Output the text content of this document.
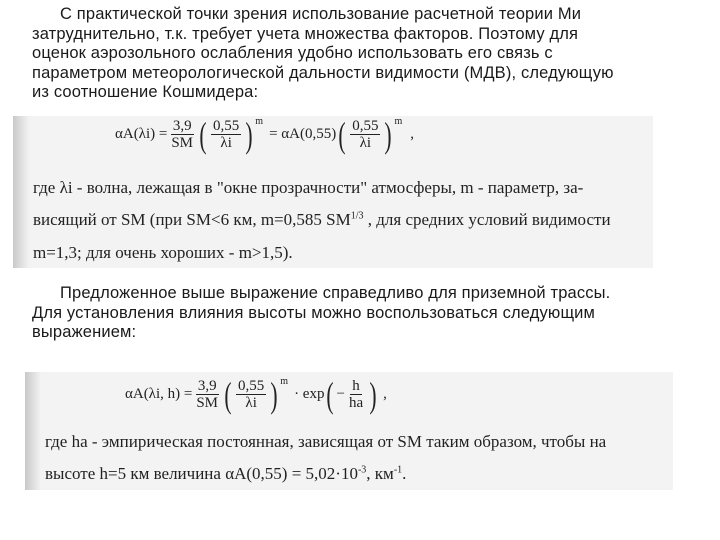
С практической точки зрения использование расчетной теории Ми
затруднительно, т.к. требует учета множества факторов. Поэтому для
оценок аэрозольного ослабления удобно использовать его связь с
параметром метеорологической дальности видимости (МДВ), следующую
из соотношение Кошмидера:
$\alpha A(\lambda i) = \frac{3,9}{SM}$ ( $\frac{0,55}{\lambda i} )^m$
= αA(0,55) ( $\frac{0,55}{\lambda i} )^m$
,
где λi - волна, лежащая в "окне прозрачности" атмосферы, m - параметр, за-
висящий от SM (при SM<6 км, m=0,585 $SM^{1/3}$ , для средних условий видимости
m=1,3; для очень хороших - m>1,5).
Предложенное выше выражение справедливо для приземной трассы.
Для установления влияния высоты можно воспользоваться следующим
выражением:
αA(λi, $h) = \frac{3,9}{SM}$ ( $\frac{0,55}{\lambda i} )^m$
· exp ( − $\frac{h}{hа}$ ) ,
где hа - эмпирическая постоянная, зависящая от SM таким образом, чтобы на
высоте h=5 км величина $\alpha A(0,55) = 5,02\cdot 10^{-3}$, $км^{-1}$.
